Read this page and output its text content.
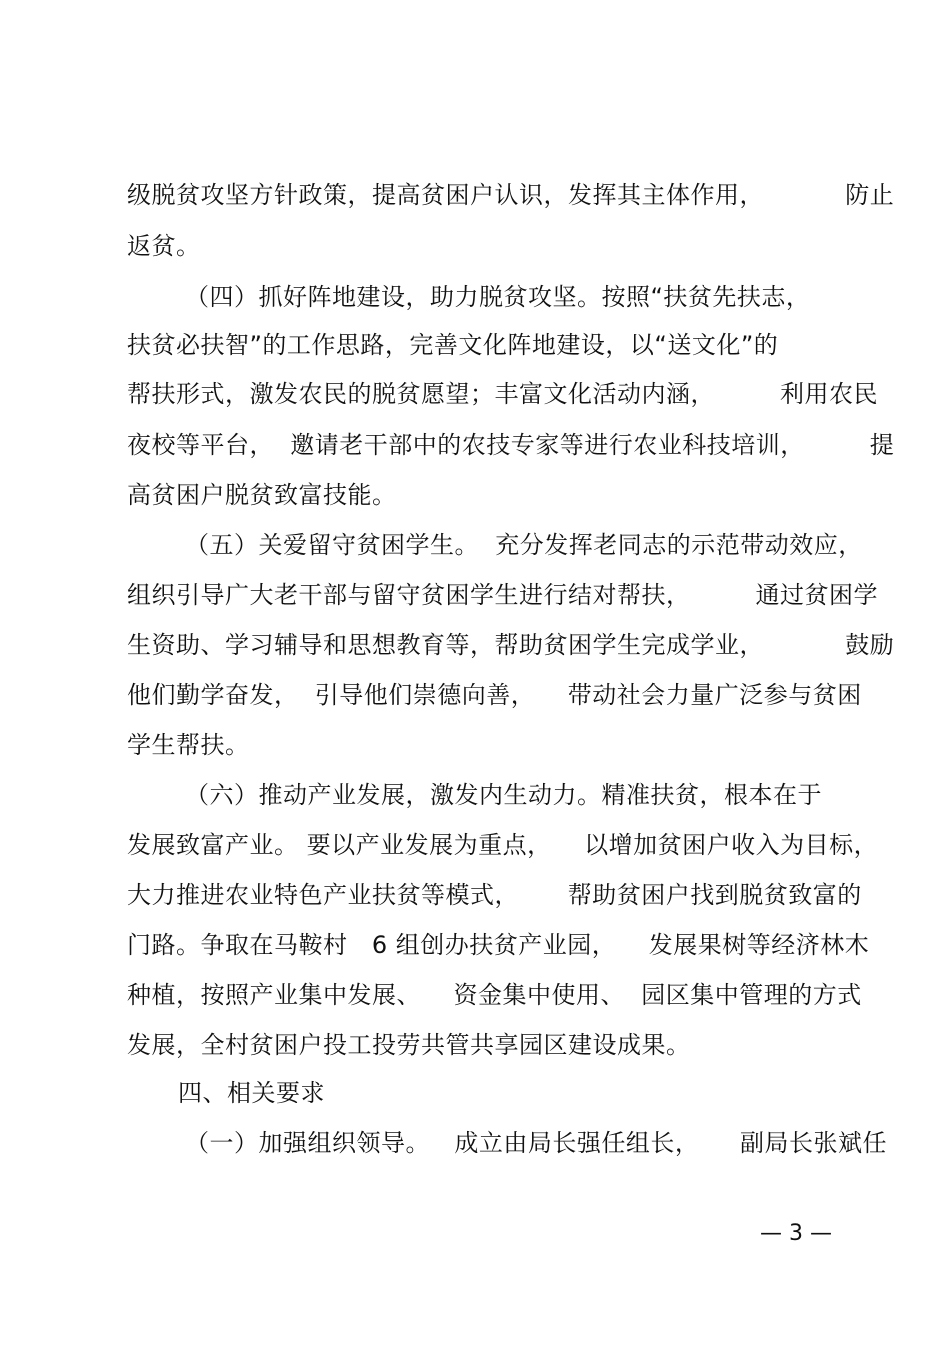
级脱贫攻坚方针政策，提高贫困户认识，发挥其主体作用，          防止
返贫。
（四）抓好阵地建设，助力脱贫攻坚。按照“扶贫先扶志，
扶贫必扶智”的工作思路，完善文化阵地建设，以“送文化”的
帮扶形式，激发农民的脱贫愿望；丰富文化活动内涵，        利用农民
夜校等平台，  邀请老干部中的农技专家等进行农业科技培训，        提
高贫困户脱贫致富技能。
（五）关爱留守贫困学生。  充分发挥老同志的示范带动效应，
组织引导广大老干部与留守贫困学生进行结对帮扶，        通过贫困学
生资助、学习辅导和思想教育等，帮助贫困学生完成学业，          鼓励
他们勤学奋发，  引导他们崇德向善，    带动社会力量广泛参与贫困
学生帮扶。
（六）推动产业发展，激发内生动力。精准扶贫，根本在于
发展致富产业。 要以产业发展为重点，    以增加贫困户收入为目标，
大力推进农业特色产业扶贫等模式，      帮助贫困户找到脱贫致富的
门路。争取在马鞍村   6 组创办扶贫产业园，    发展果树等经济林木
种植，按照产业集中发展、    资金集中使用、  园区集中管理的方式
发展，全村贫困户投工投劳共管共享园区建设成果。
四、相关要求
（一）加强组织领导。   成立由局长强任组长，     副局长张斌任
— 3 —
